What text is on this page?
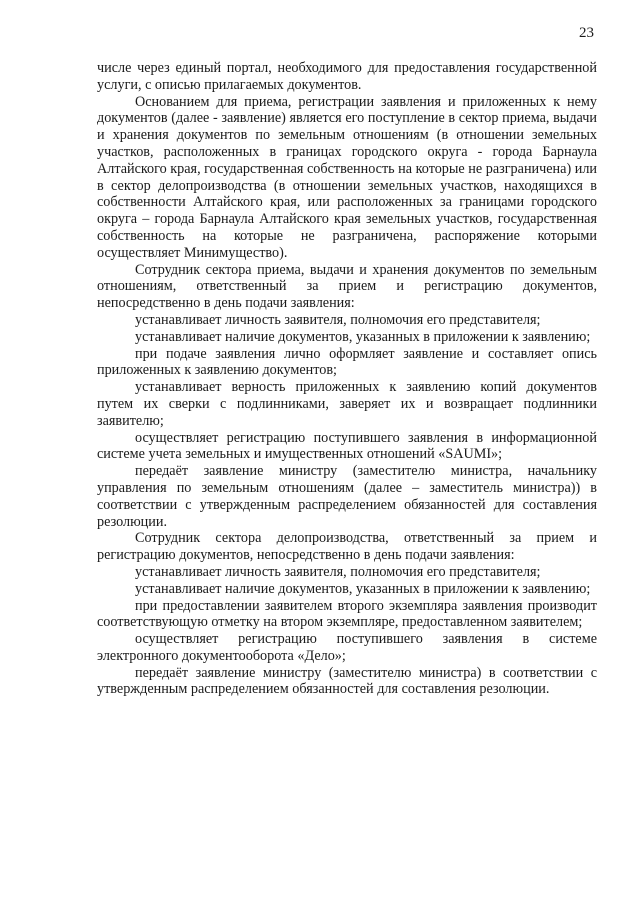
23

числе через единый портал, необходимого для предоставления государственной услуги, с описью прилагаемых документов.

Основанием для приема, регистрации заявления и приложенных к нему документов (далее - заявление) является его поступление в сектор приема, выдачи и хранения документов по земельным отношениям (в отношении земельных участков, расположенных в границах городского округа - города Барнаула Алтайского края, государственная собственность на которые не разграничена) или в сектор делопроизводства (в отношении земельных участков, находящихся в собственности Алтайского края, или расположенных за границами городского округа – города Барнаула Алтайского края земельных участков, государственная собственность на которые не разграничена, распоряжение которыми осуществляет Минимущество).

Сотрудник сектора приема, выдачи и хранения документов по земельным отношениям, ответственный за прием и регистрацию документов, непосредственно в день подачи заявления:

устанавливает личность заявителя, полномочия его представителя;

устанавливает наличие документов, указанных в приложении к заявлению;

при подаче заявления лично оформляет заявление и составляет опись приложенных к заявлению документов;

устанавливает верность приложенных к заявлению копий документов путем их сверки с подлинниками, заверяет их и возвращает подлинники заявителю;

осуществляет регистрацию поступившего заявления в информационной системе учета земельных и имущественных отношений «SAUMI»;

передаёт заявление министру (заместителю министра, начальнику управления по земельным отношениям (далее – заместитель министра)) в соответствии с утвержденным распределением обязанностей для составления резолюции.

Сотрудник сектора делопроизводства, ответственный за прием и регистрацию документов, непосредственно в день подачи заявления:

устанавливает личность заявителя, полномочия его представителя;

устанавливает наличие документов, указанных в приложении к заявлению;

при предоставлении заявителем второго экземпляра заявления производит соответствующую отметку на втором экземпляре, предоставленном заявителем;

осуществляет регистрацию поступившего заявления в системе электронного документооборота «Дело»;

передаёт заявление министру (заместителю министра) в соответствии с утвержденным распределением обязанностей для составления резолюции.
